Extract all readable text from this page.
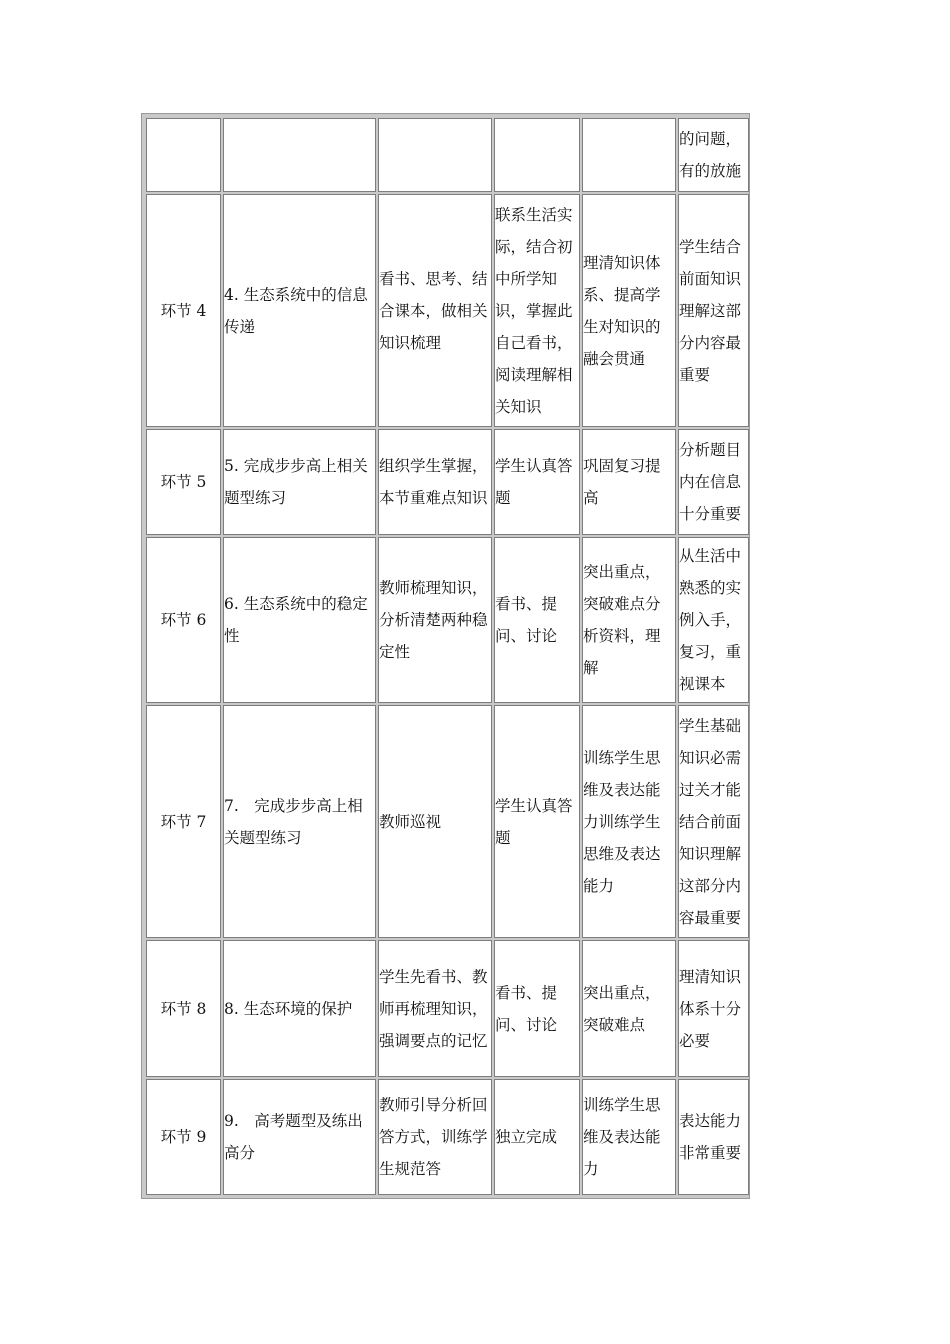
					的问题，有的放施

环节 4	4. 生态系统中的信息传递	看书、思考、结合课本，做相关知识梳理	联系生活实际，结合初中所学知识，掌握此自己看书，阅读理解相关知识	理清知识体系、提高学生对知识的融会贯通	学生结合前面知识理解这部分内容最重要

环节 5	5. 完成步步高上相关题型练习	组织学生掌握，本节重难点知识	学生认真答题	巩固复习提高	分析题目内在信息十分重要

环节 6	6. 生态系统中的稳定性	教师梳理知识，分析清楚两种稳定性	看书、提问、讨论	突出重点，突破难点分析资料，理解	从生活中熟悉的实例入手，复习，重视课本

环节 7	7.　完成步步高上相关题型练习	教师巡视	学生认真答题	训练学生思维及表达能力训练学生思维及表达能力	学生基础知识必需过关才能结合前面知识理解这部分内容最重要

环节 8	8. 生态环境的保护	学生先看书、教师再梳理知识，强调要点的记忆	看书、提问、讨论	突出重点，突破难点	理清知识体系十分必要

环节 9	9.　高考题型及练出高分	教师引导分析回答方式，训练学生规范答	独立完成	训练学生思维及表达能力	表达能力非常重要
